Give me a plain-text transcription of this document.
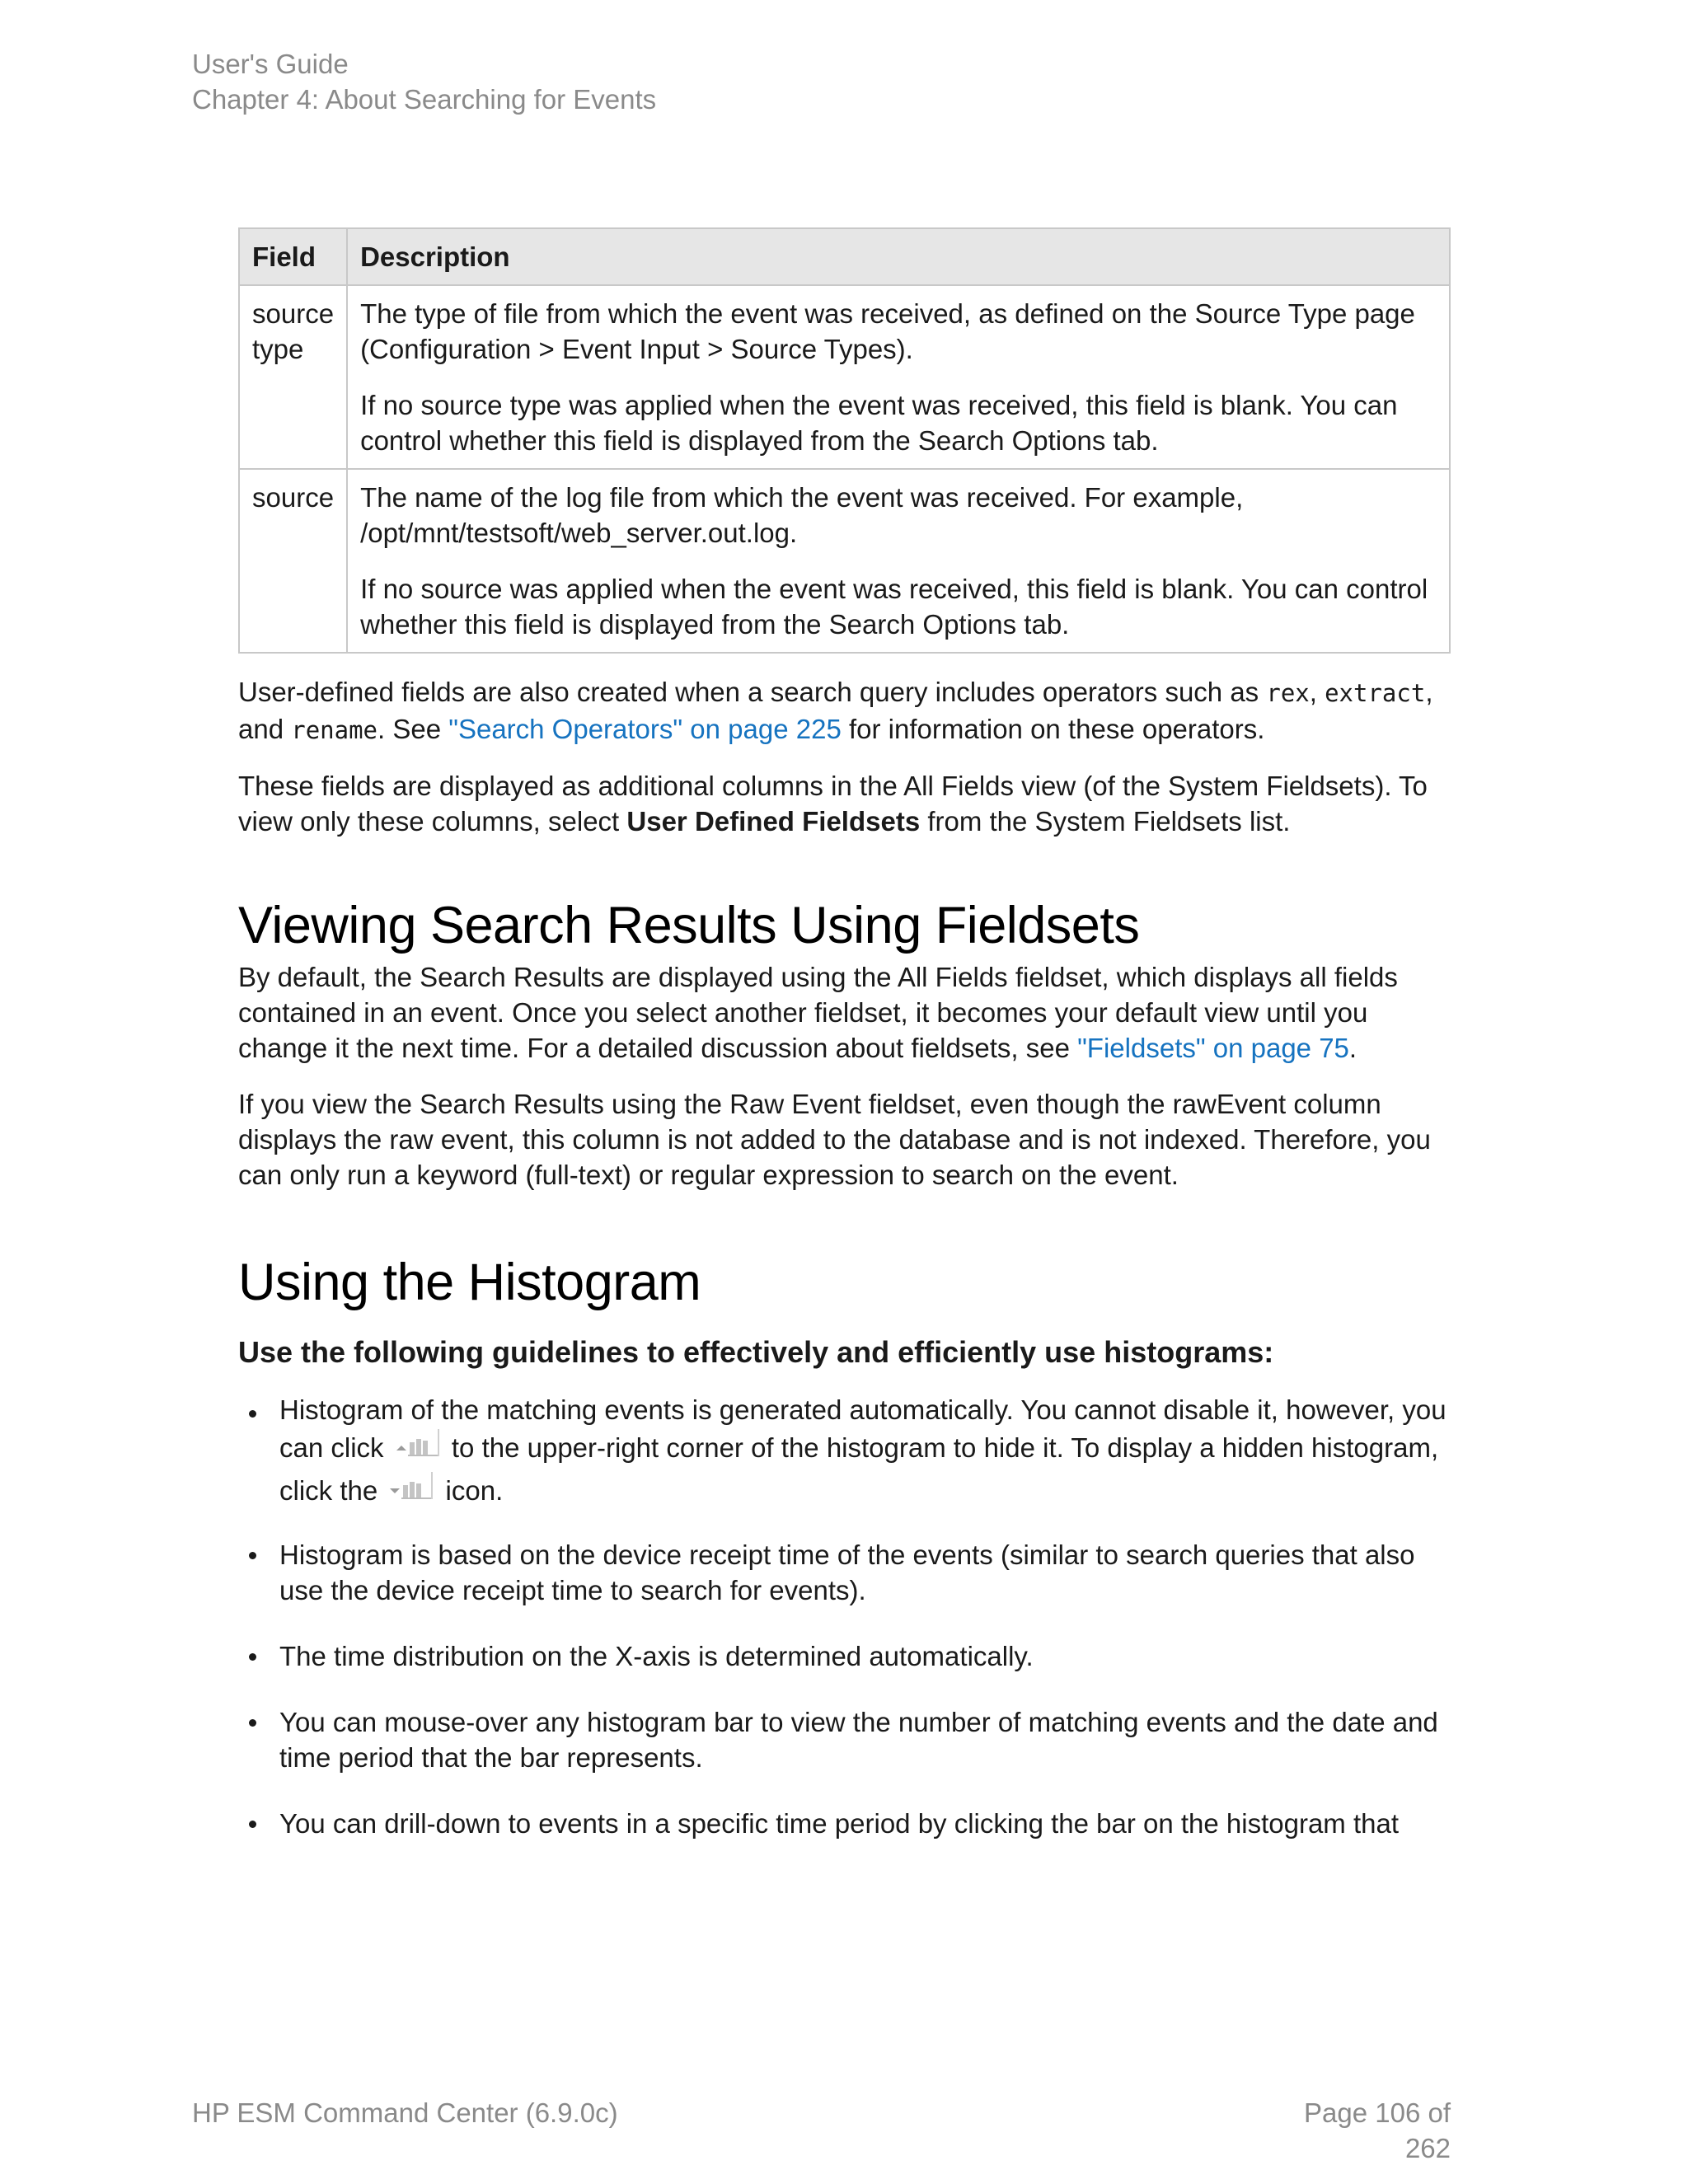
User's Guide
Chapter 4: About Searching for Events
Field	Description
source type	The type of file from which the event was received, as defined on the Source Type page (Configuration > Event Input > Source Types).

If no source type was applied when the event was received, this field is blank. You can control whether this field is displayed from the Search Options tab.

source	The name of the log file from which the event was received. For example, /opt/mnt/testsoft/web_server.out.log.

If no source was applied when the event was received, this field is blank. You can control whether this field is displayed from the Search Options tab.

User-defined fields are also created when a search query includes operators such as rex, extract,
and rename. See "Search Operators" on page 225 for information on these operators.

These fields are displayed as additional columns in the All Fields view (of the System Fieldsets). To view only these columns, select User Defined Fieldsets from the System Fieldsets list.

Viewing Search Results Using Fieldsets

By default, the Search Results are displayed using the All Fields fieldset, which displays all fields contained in an event. Once you select another fieldset, it becomes your default view until you change it the next time. For a detailed discussion about fieldsets, see "Fieldsets" on page 75.

If you view the Search Results using the Raw Event fieldset, even though the rawEvent column displays the raw event, this column is not added to the database and is not indexed. Therefore, you can only run a keyword (full-text) or regular expression to search on the event.

Using the Histogram
Use the following guidelines to effectively and efficiently use histograms:
Histogram of the matching events is generated automatically. You cannot disable it, however, you can click  to the upper-right corner of the histogram to hide it. To display a hidden histogram, click the  icon.
Histogram is based on the device receipt time of the events (similar to search queries that also use the device receipt time to search for events).
The time distribution on the X-axis is determined automatically.
You can mouse-over any histogram bar to view the number of matching events and the date and time period that the bar represents.
You can drill-down to events in a specific time period by clicking the bar on the histogram that
HP ESM Command Center (6.9.0c)	Page 106 of 262
